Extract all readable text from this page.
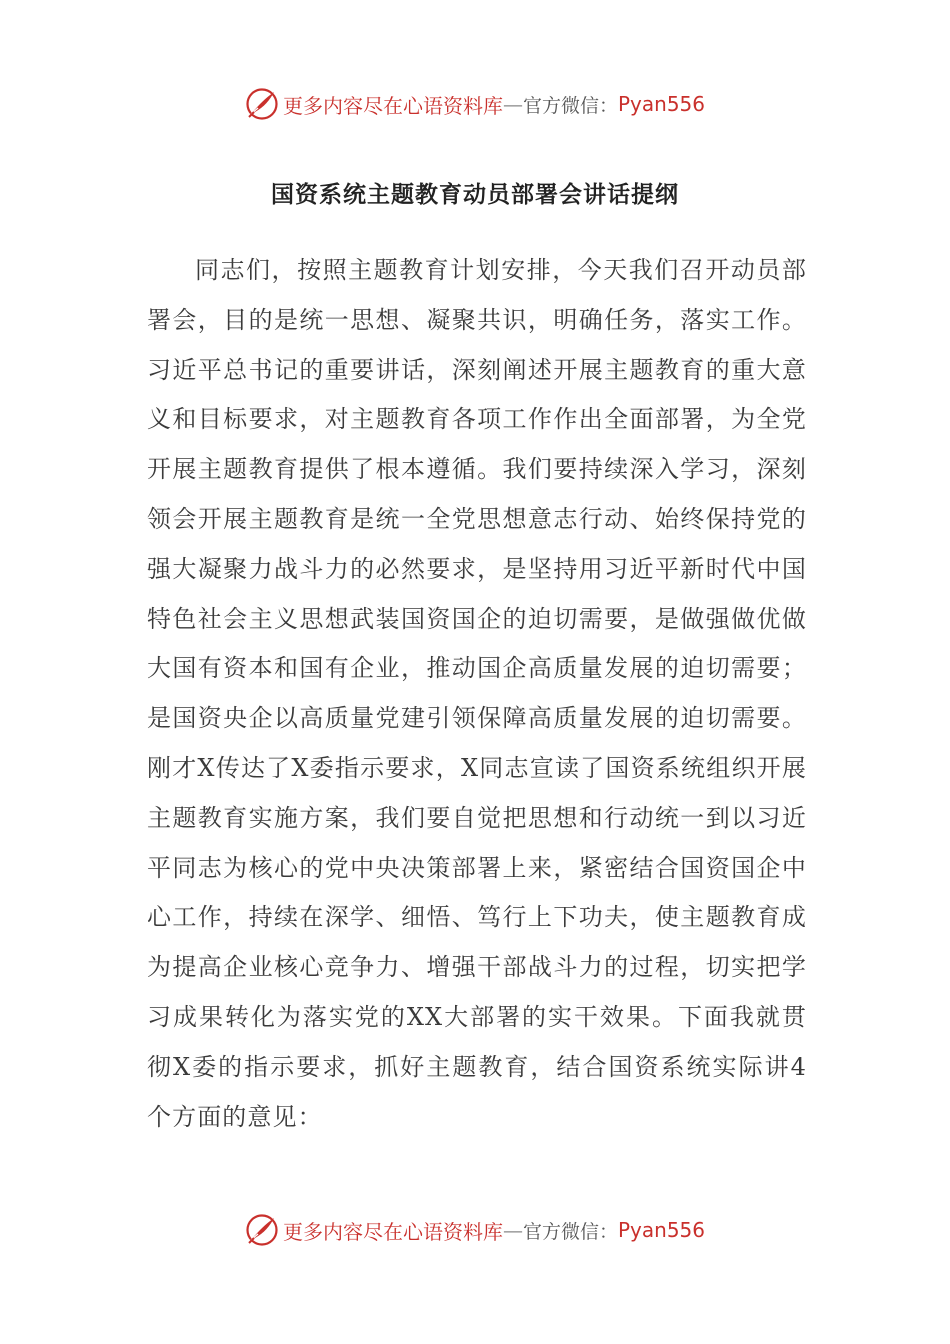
更多内容尽在心语资料库 — 官方微信： Pyan556
国资系统主题教育动员部署会讲话提纲

同志们，按照主题教育计划安排，今天我们召开动员部署会，目的是统一思想、凝聚共识，明确任务，落实工作。习近平总书记的重要讲话，深刻阐述开展主题教育的重大意义和目标要求，对主题教育各项工作作出全面部署，为全党开展主题教育提供了根本遵循。我们要持续深入学习，深刻领会开展主题教育是统一全党思想意志行动、始终保持党的强大凝聚力战斗力的必然要求，是坚持用习近平新时代中国特色社会主义思想武装国资国企的迫切需要，是做强做优做大国有资本和国有企业，推动国企高质量发展的迫切需要；是国资央企以高质量党建引领保障高质量发展的迫切需要。刚才X传达了X委指示要求，X同志宣读了国资系统组织开展主题教育实施方案，我们要自觉把思想和行动统一到以习近平同志为核心的党中央决策部署上来，紧密结合国资国企中心工作，持续在深学、细悟、笃行上下功夫，使主题教育成为提高企业核心竞争力、增强干部战斗力的过程，切实把学习成果转化为落实党的XX大部署的实干效果。下面我就贯彻X委的指示要求，抓好主题教育，结合国资系统实际讲4个方面的意见：

更多内容尽在心语资料库 — 官方微信： Pyan556
